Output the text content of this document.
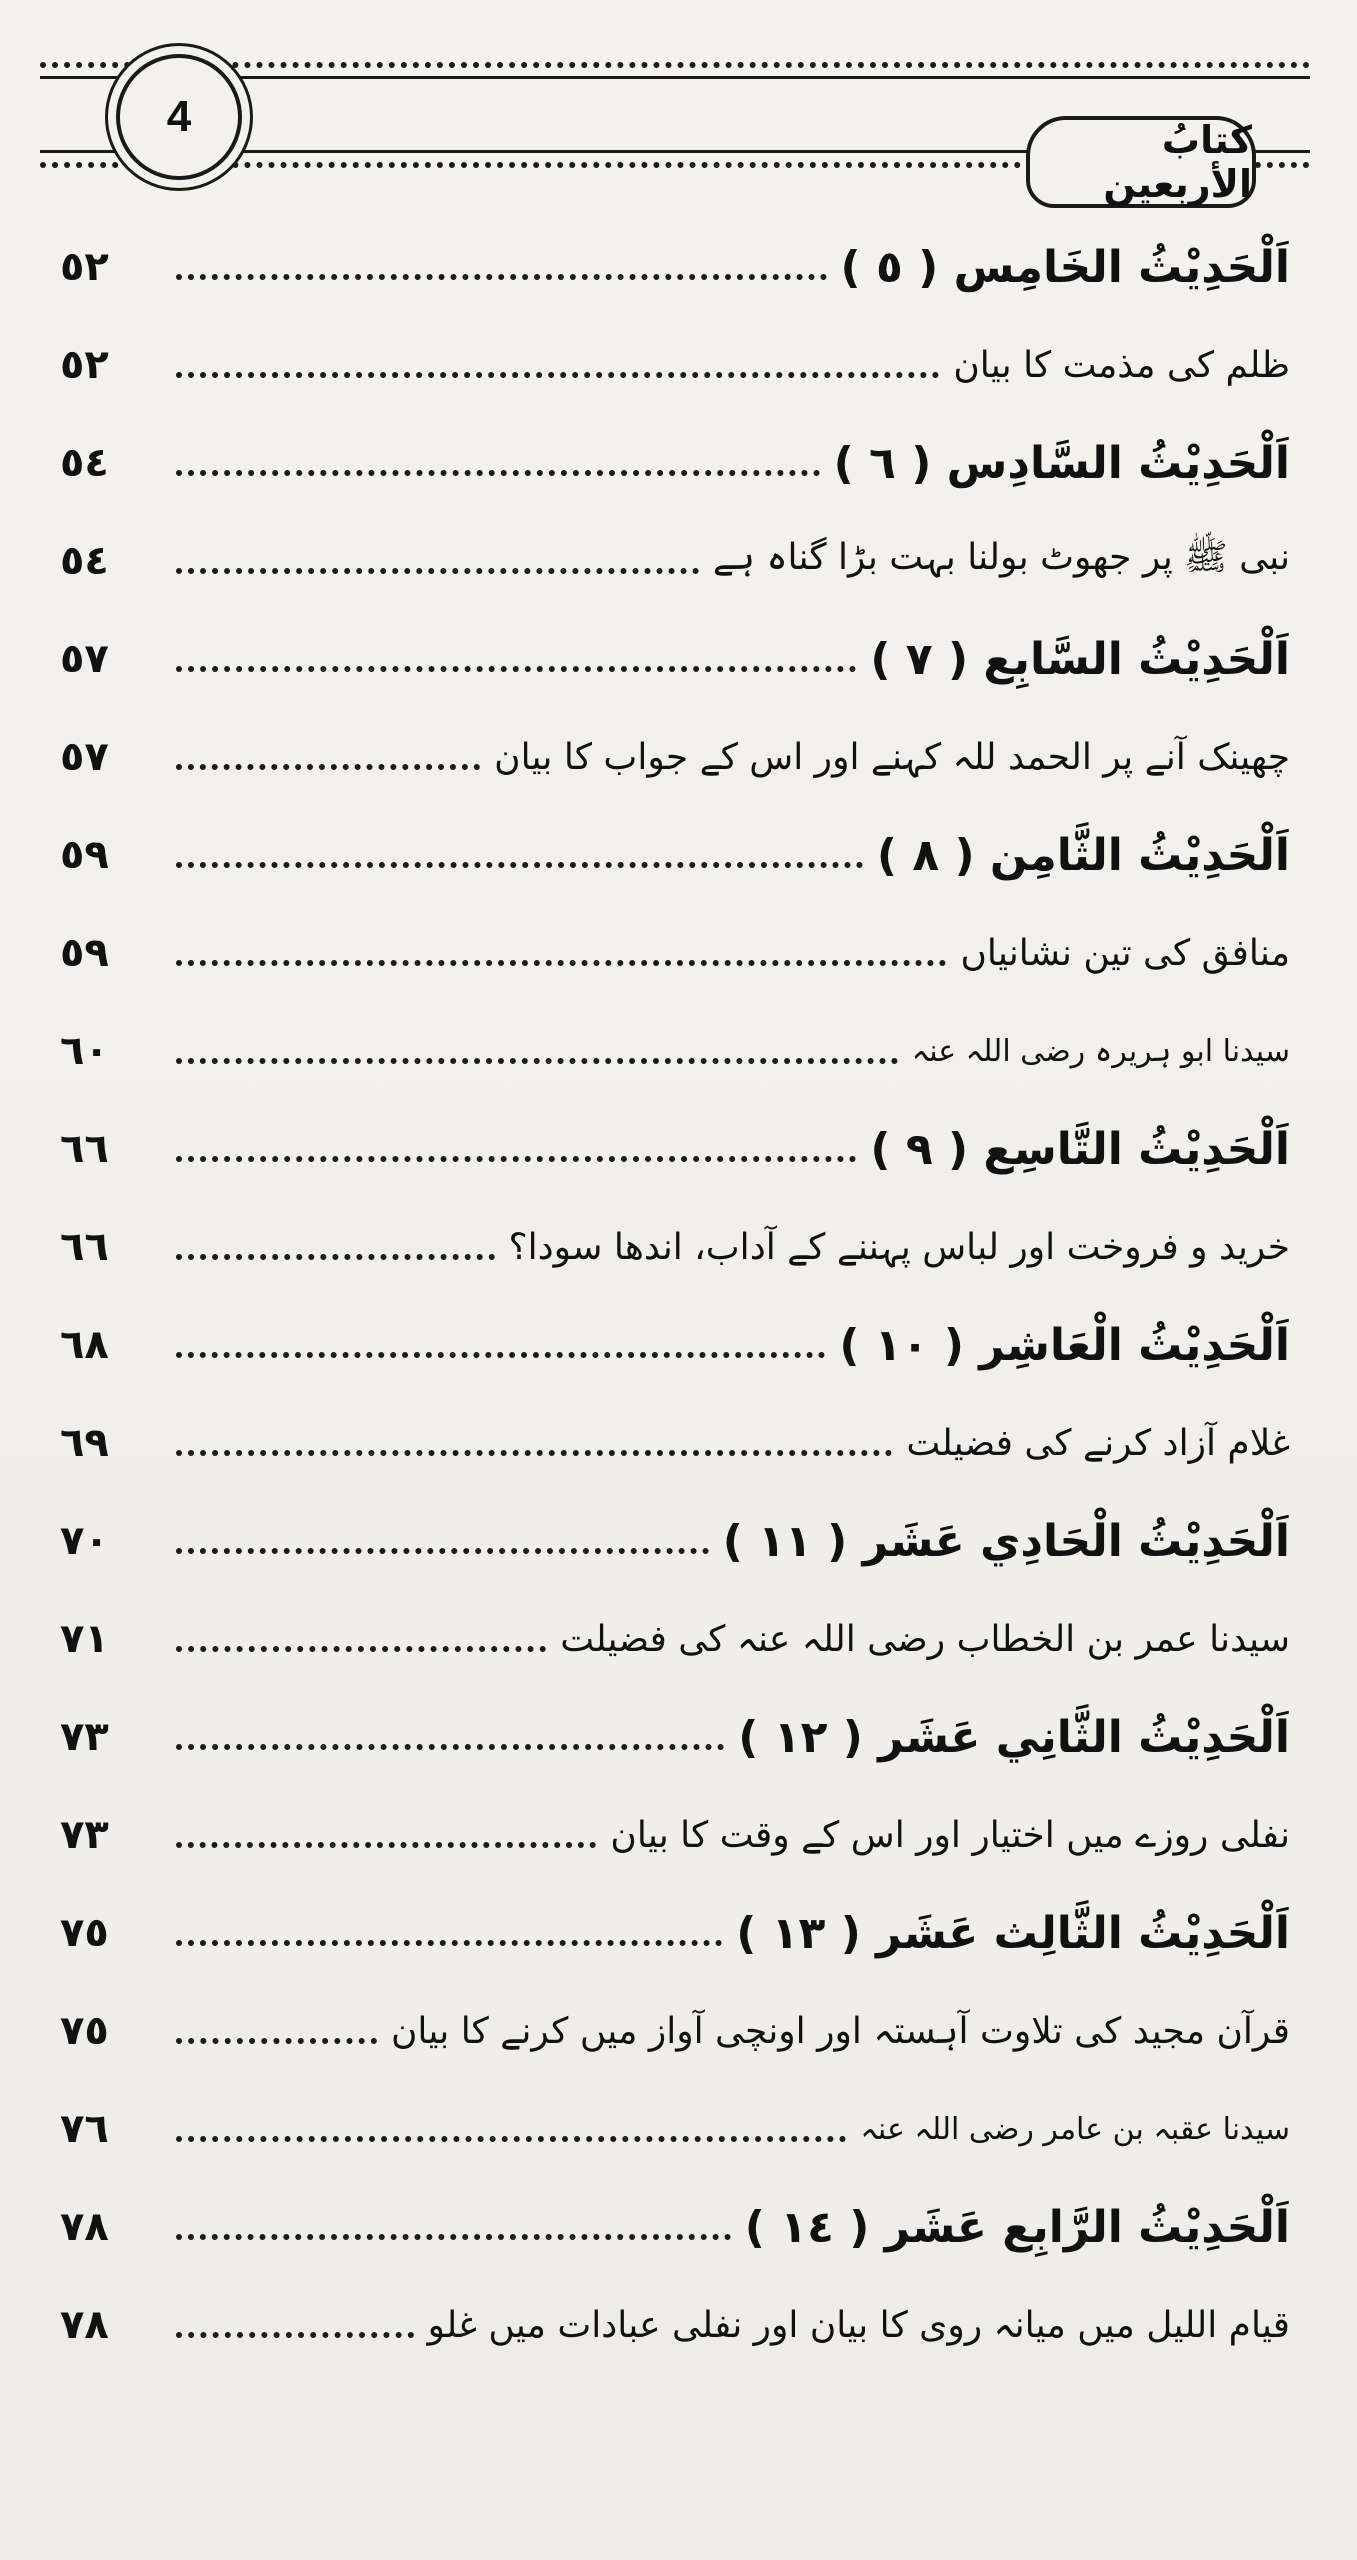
4	كتابُ الأربعين
اَلْحَدِيْثُ الخَامِس ( ٥ )
٥٢
ظلم کی مذمت کا بیان
٥٢
اَلْحَدِيْثُ السَّادِس ( ٦ )
٥٤
نبی ﷺ پر جھوٹ بولنا بہت بڑا گناہ ہے
٥٤
اَلْحَدِيْثُ السَّابِع ( ٧ )
٥٧
چھینک آنے پر الحمد للہ کہنے اور اس کے جواب کا بیان
٥٧
اَلْحَدِيْثُ الثَّامِن ( ٨ )
٥٩
منافق کی تین نشانیاں
٥٩
سیدنا ابو ہریرہ رضی اللہ عنہ
٦٠
اَلْحَدِيْثُ التَّاسِع ( ٩ )
٦٦
خرید و فروخت اور لباس پہننے کے آداب، اندھا سودا؟
٦٦
اَلْحَدِيْثُ الْعَاشِر ( ١٠ )
٦٨
غلام آزاد کرنے کی فضیلت
٦٩
اَلْحَدِيْثُ الْحَادِي عَشَر ( ١١ )
٧٠
سیدنا عمر بن الخطاب رضی اللہ عنہ کی فضیلت
٧١
اَلْحَدِيْثُ الثَّانِي عَشَر ( ١٢ )
٧٣
نفلی روزے میں اختیار اور اس کے وقت کا بیان
٧٣
اَلْحَدِيْثُ الثَّالِث عَشَر ( ١٣ )
٧٥
قرآن مجید کی تلاوت آہستہ اور اونچی آواز میں کرنے کا بیان
٧٥
سیدنا عقبہ بن عامر رضی اللہ عنہ
٧٦
اَلْحَدِيْثُ الرَّابِع عَشَر ( ١٤ )
٧٨
قیام اللیل میں میانہ روی کا بیان اور نفلی عبادات میں غلو
٧٨
